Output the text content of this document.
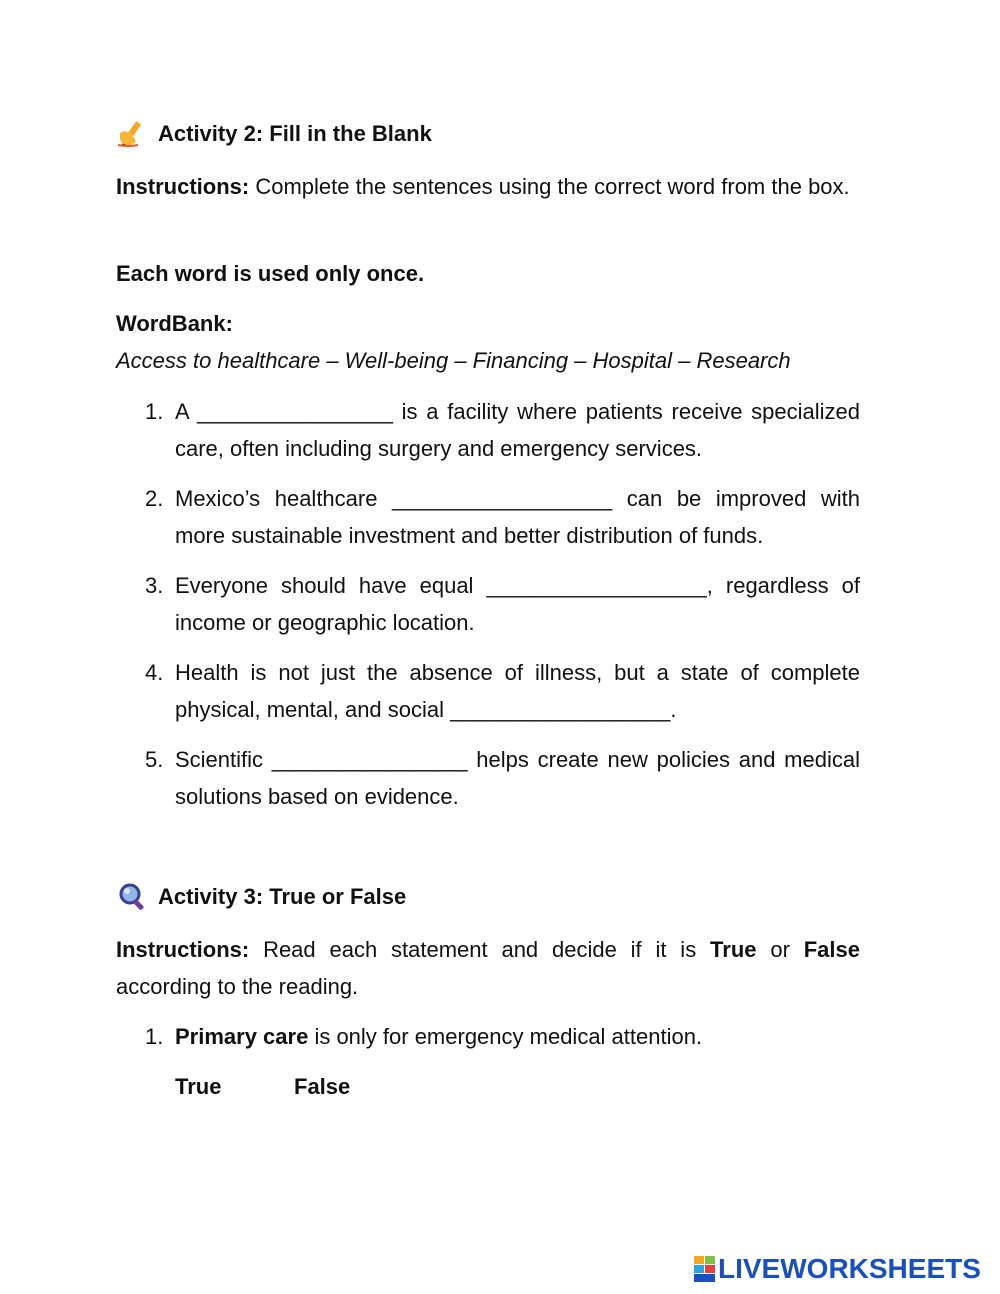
Activity 2: Fill in the Blank
Instructions: Complete the sentences using the correct word from the box.
Each word is used only once.
WordBank:
Access to healthcare – Well-being – Financing – Hospital – Research
1. A ________________ is a facility where patients receive specialized care, often including surgery and emergency services.
2. Mexico’s healthcare __________________ can be improved with more sustainable investment and better distribution of funds.
3. Everyone should have equal __________________, regardless of income or geographic location.
4. Health is not just the absence of illness, but a state of complete physical, mental, and social __________________.
5. Scientific ________________ helps create new policies and medical solutions based on evidence.
Activity 3: True or False
Instructions: Read each statement and decide if it is True or False according to the reading.
1. Primary care is only for emergency medical attention.
True	False
LIVEWORKSHEETS
